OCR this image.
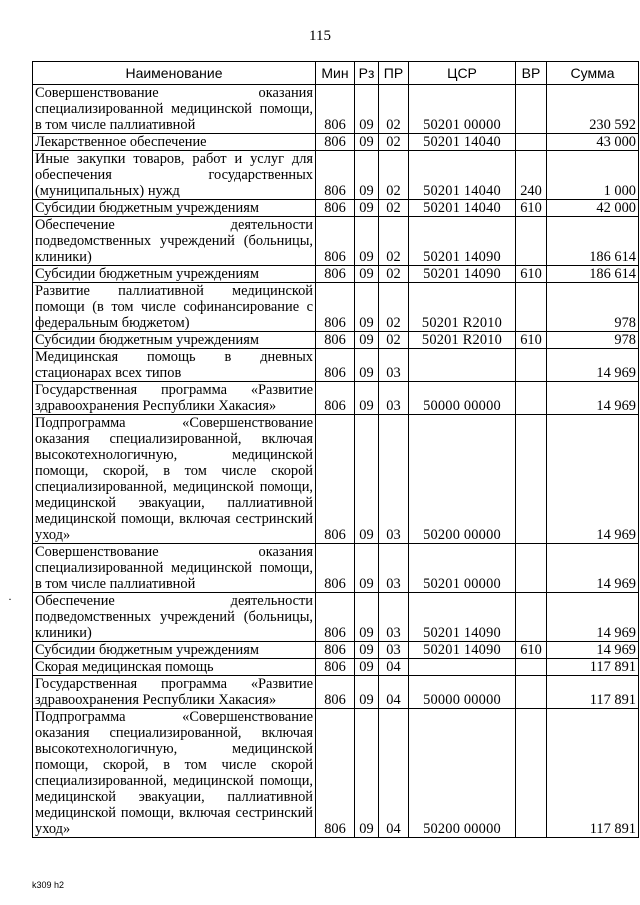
115
Наименование	Мин	Рз	ПР	ЦСР	ВР	Сумма
Совершенствование оказания специализированной медицинской помощи, в том числе паллиативной	806	09	02	50201 00000		230 592
Лекарственное обеспечение	806	09	02	50201 14040		43 000
Иные закупки товаров, работ и услуг для обеспечения государственных (муниципальных) нужд	806	09	02	50201 14040	240	1 000
Субсидии бюджетным учреждениям	806	09	02	50201 14040	610	42 000
Обеспечение деятельности подведомственных учреждений (больницы, клиники)	806	09	02	50201 14090		186 614
Субсидии бюджетным учреждениям	806	09	02	50201 14090	610	186 614
Развитие паллиативной медицинской помощи (в том числе софинансирование с федеральным бюджетом)	806	09	02	50201 R2010		978
Субсидии бюджетным учреждениям	806	09	02	50201 R2010	610	978
Медицинская помощь в дневных стационарах всех типов	806	09	03			14 969
Государственная программа «Развитие здравоохранения Республики Хакасия»	806	09	03	50000 00000		14 969
Подпрограмма «Совершенствование оказания специализированной, включая высокотехнологичную, медицинской помощи, скорой, в том числе скорой специализированной, медицинской помощи, медицинской эвакуации, паллиативной медицинской помощи, включая сестринский уход»	806	09	03	50200 00000		14 969
Совершенствование оказания специализированной медицинской помощи, в том числе паллиативной	806	09	03	50201 00000		14 969
Обеспечение деятельности подведомственных учреждений (больницы, клиники)	806	09	03	50201 14090		14 969
Субсидии бюджетным учреждениям	806	09	03	50201 14090	610	14 969
Скорая медицинская помощь	806	09	04			117 891
Государственная программа «Развитие здравоохранения Республики Хакасия»	806	09	04	50000 00000		117 891
Подпрограмма «Совершенствование оказания специализированной, включая высокотехнологичную, медицинской помощи, скорой, в том числе скорой специализированной, медицинской помощи, медицинской эвакуации, паллиативной медицинской помощи, включая сестринский уход»	806	09	04	50200 00000		117 891
·
k309 h2
